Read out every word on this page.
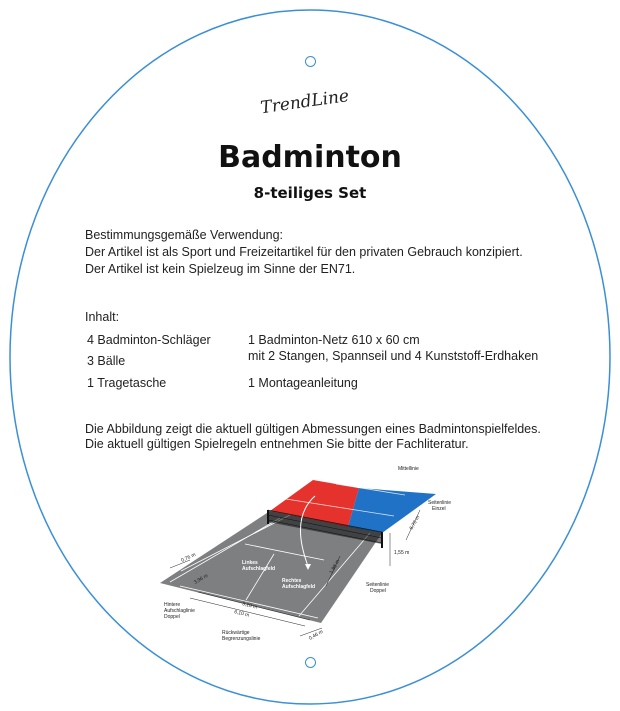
TrendLine
Badminton
8-teiliges Set
Bestimmungsgemäße Verwendung:
Der Artikel ist als Sport und Freizeitartikel für den privaten Gebrauch konzipiert.
Der Artikel ist kein Spielzeug im Sinne der EN71.
Inhalt:
4 Badminton-Schläger
3 Bälle
1 Tragetasche
1 Badminton-Netz 610 x 60 cm
mit 2 Stangen, Spannseil und 4 Kunststoff-Erdhaken
1 Montageanleitung
Die Abbildung zeigt die aktuell gültigen Abmessungen eines Badmintonspielfeldes.
Die aktuell gültigen Spielregeln entnehmen Sie bitte der Fachliteratur.
Mittellinie
Seitenlinie
Einzel
Seitenlinie
Doppel
Hintere
Aufschlaglinie
Doppel
Rückwärtige
Begrenzungslinie
Linkes
Aufschlagfeld
Rechtes
Aufschlagfeld
0,76 m
3,96 m
5,18 m
6,10 m
1,98 m
0,46 m
1,55 m
6,70 m
